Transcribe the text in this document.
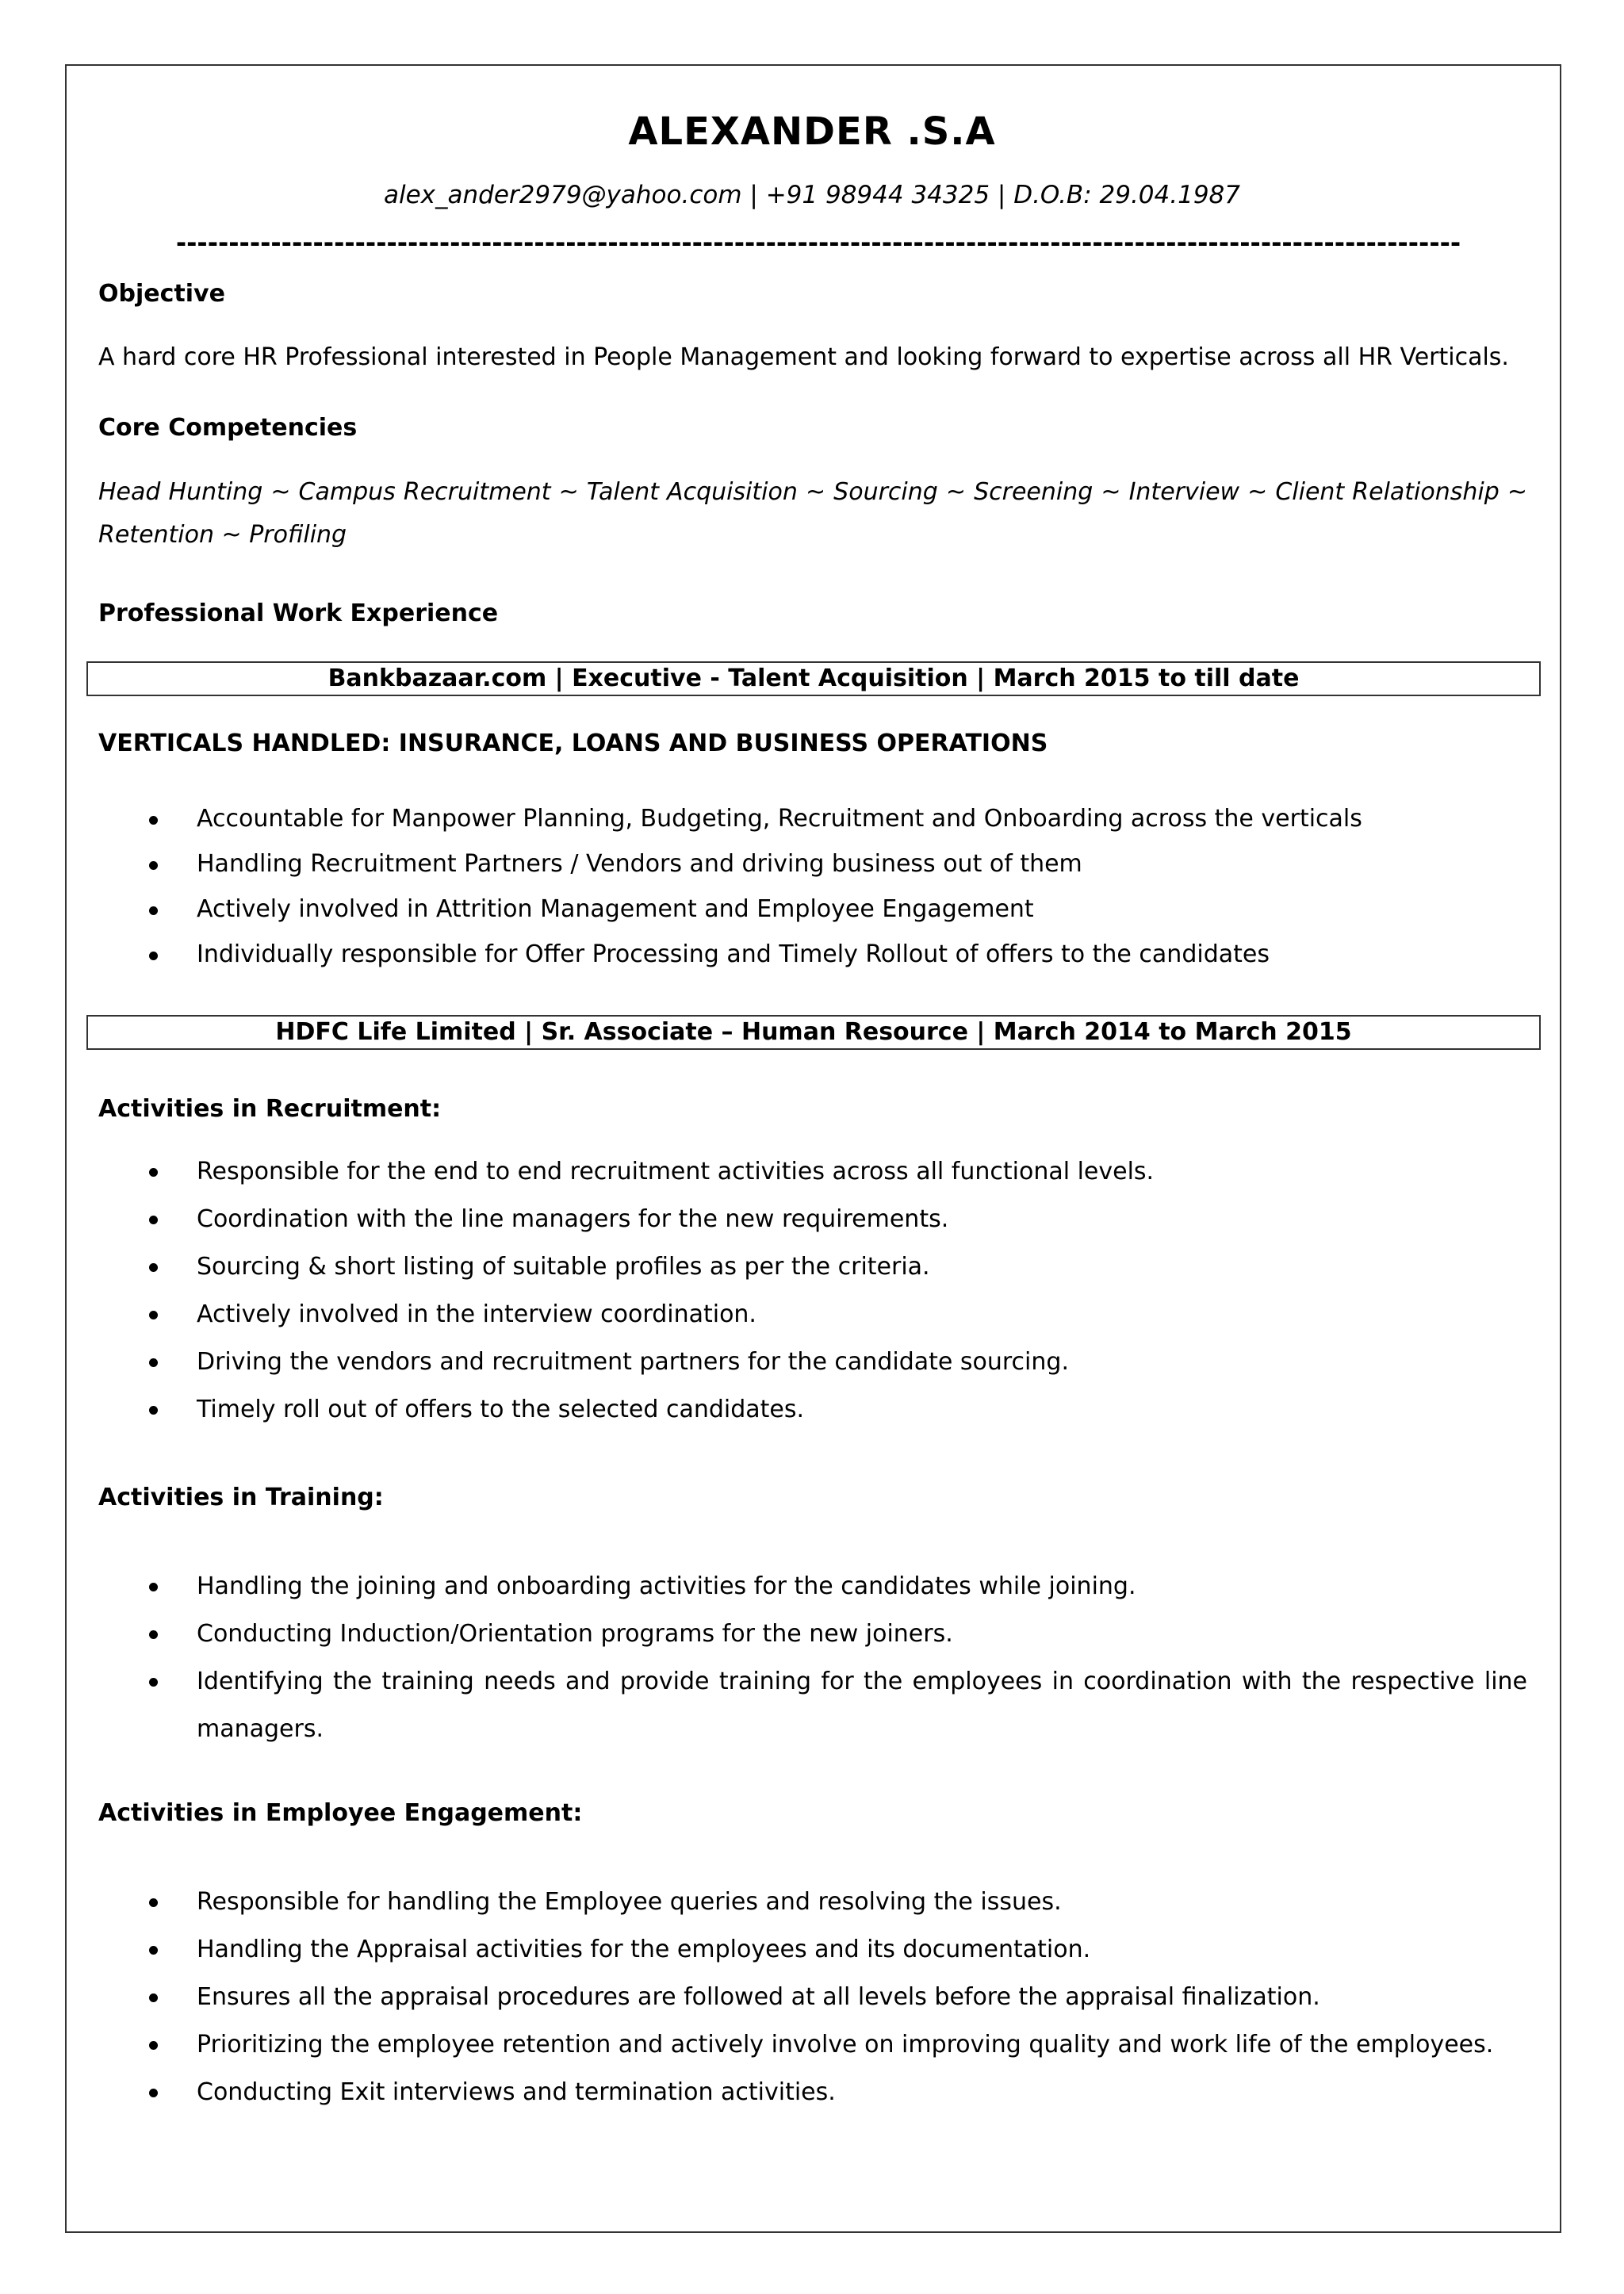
ALEXANDER .S.A
alex_ander2979@yahoo.com | +91 98944 34325 | D.O.B: 29.04.1987
--------------------------------------------------------------------------------------------------------------------------
Objective
A hard core HR Professional interested in People Management and looking forward to expertise across all HR Verticals.
Core Competencies
Head Hunting ~ Campus Recruitment ~ Talent Acquisition ~ Sourcing ~ Screening ~ Interview ~ Client Relationship ~ Retention ~ Profiling
Professional Work Experience
Bankbazaar.com | Executive - Talent Acquisition | March 2015 to till date
VERTICALS HANDLED: INSURANCE, LOANS AND BUSINESS OPERATIONS
Accountable for Manpower Planning, Budgeting, Recruitment and Onboarding across the verticals
Handling Recruitment Partners / Vendors and driving business out of them
Actively involved in Attrition Management and Employee Engagement
Individually responsible for Offer Processing and Timely Rollout of offers to the candidates
HDFC Life Limited | Sr. Associate – Human Resource | March 2014 to March 2015
Activities in Recruitment:
Responsible for the end to end recruitment activities across all functional levels.
Coordination with the line managers for the new requirements.
Sourcing & short listing of suitable profiles as per the criteria.
Actively involved in the interview coordination.
Driving the vendors and recruitment partners for the candidate sourcing.
Timely roll out of offers to the selected candidates.
Activities in Training:
Handling the joining and onboarding activities for the candidates while joining.
Conducting Induction/Orientation programs for the new joiners.
Identifying the training needs and provide training for the employees in coordination with the respective line managers.
Activities in Employee Engagement:
Responsible for handling the Employee queries and resolving the issues.
Handling the Appraisal activities for the employees and its documentation.
Ensures all the appraisal procedures are followed at all levels before the appraisal finalization.
Prioritizing the employee retention and actively involve on improving quality and work life of the employees.
Conducting Exit interviews and termination activities.
